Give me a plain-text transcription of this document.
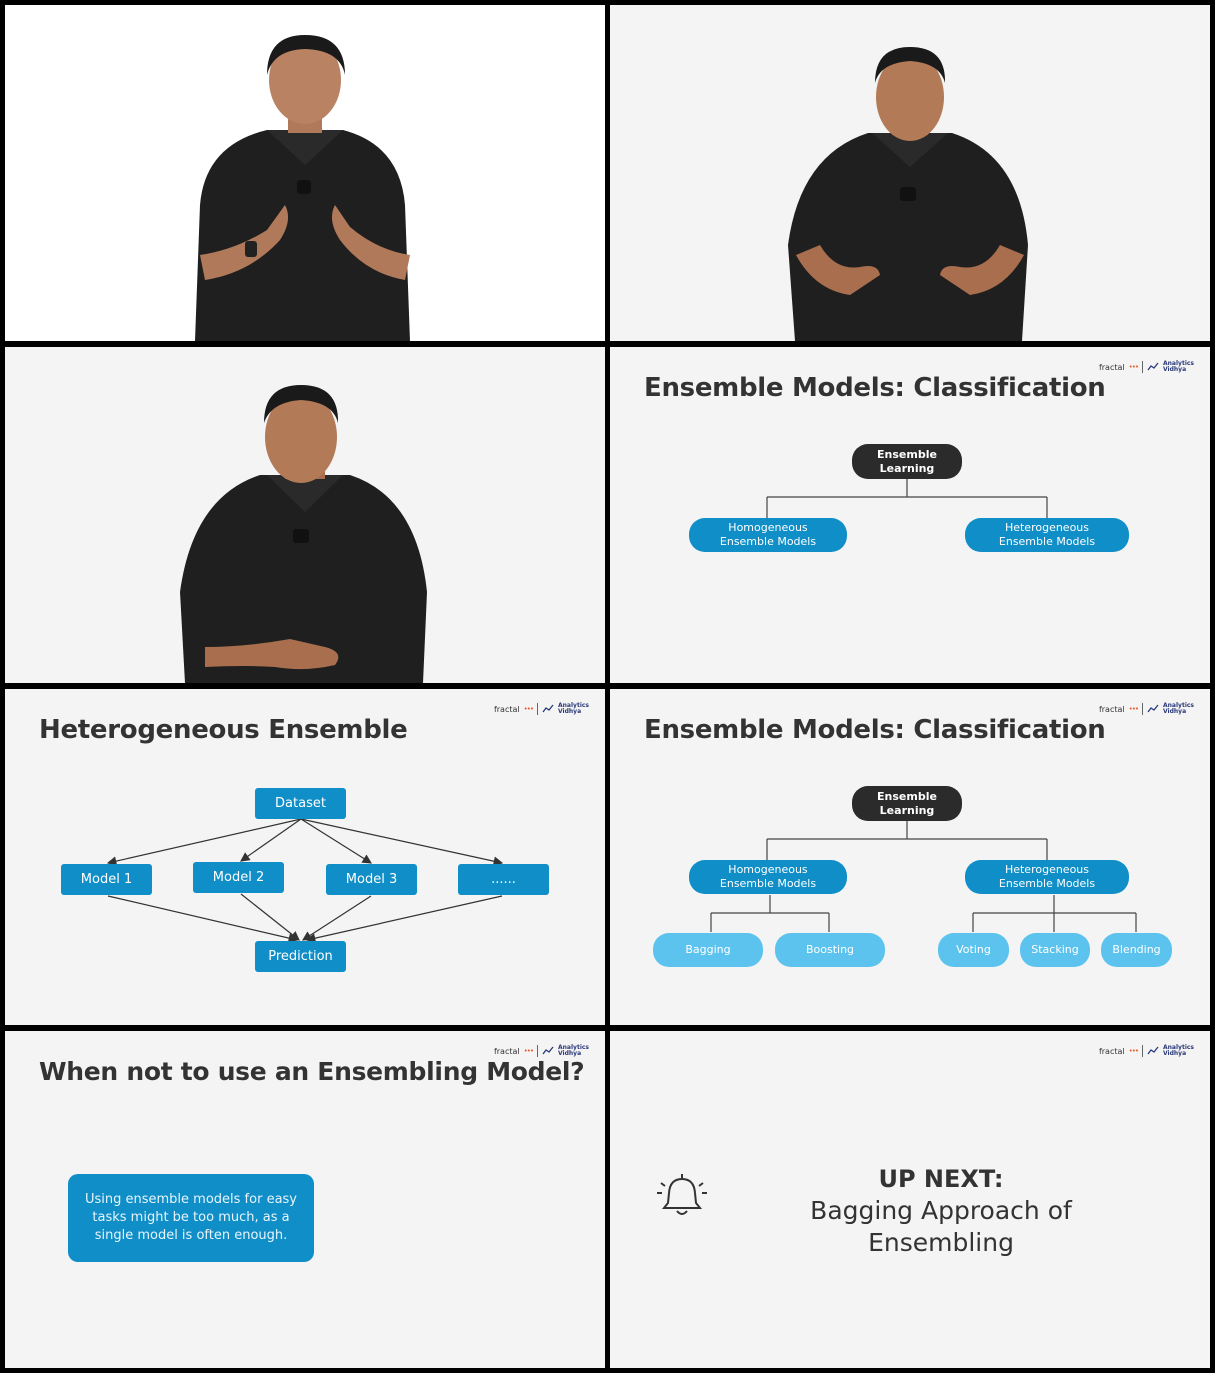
fractal •••	Analytics
Vidhya
Ensemble Models: Classification
Ensemble
Learning
Homogeneous
Ensemble Models
Heterogeneous
Ensemble Models
fractal •••	Analytics
Vidhya
Heterogeneous Ensemble
Dataset
Model 1	Model 2	Model 3	......
Prediction
fractal •••	Analytics
Vidhya
Ensemble Models: Classification
Ensemble
Learning
Homogeneous
Ensemble Models
Heterogeneous
Ensemble Models
Bagging	Boosting	Voting	Stacking	Blending
fractal •••	Analytics
Vidhya
When not to use an Ensembling Model?
Using ensemble models for easy tasks might be too much, as a single model is often enough.
fractal •••	Analytics
Vidhya
UP NEXT:
Bagging Approach of Ensembling
